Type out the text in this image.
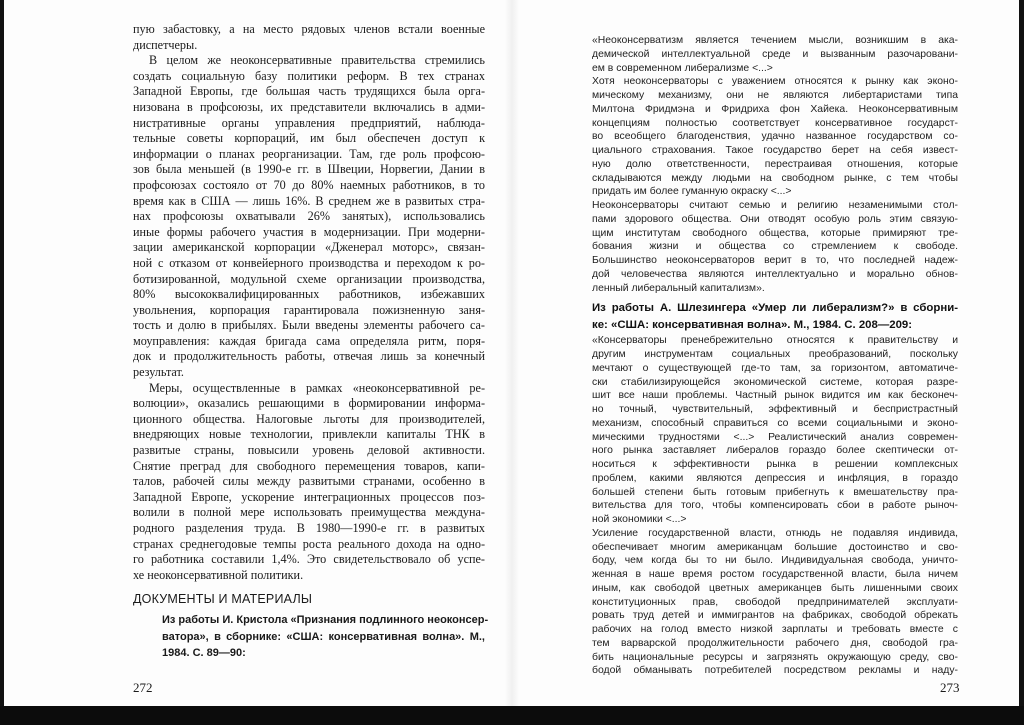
пую забастовку, а на место рядовых членов встали военные
диспетчеры.
В целом же неоконсервативные правительства стремились
создать социальную базу политики реформ. В тех странах
Западной Европы, где большая часть трудящихся была орга-
низована в профсоюзы, их представители включались в адми-
нистративные органы управления предприятий, наблюда-
тельные советы корпораций, им был обеспечен доступ к
информации о планах реорганизации. Там, где роль профсою-
зов была меньшей (в 1990-е гг. в Швеции, Норвегии, Дании в
профсоюзах состояло от 70 до 80% наемных работников, в то
время как в США — лишь 16%. В среднем же в развитых стра-
нах профсоюзы охватывали 26% занятых), использовались
иные формы рабочего участия в модернизации. При модерни-
зации американской корпорации «Дженерал моторс», связан-
ной с отказом от конвейерного производства и переходом к ро-
ботизированной, модульной схеме организации производства,
80% высококвалифицированных работников, избежавших
увольнения, корпорация гарантировала пожизненную заня-
тость и долю в прибылях. Были введены элементы рабочего са-
моуправления: каждая бригада сама определяла ритм, поря-
док и продолжительность работы, отвечая лишь за конечный
результат.
Меры, осуществленные в рамках «неоконсервативной ре-
волюции», оказались решающими в формировании информа-
ционного общества. Налоговые льготы для производителей,
внедряющих новые технологии, привлекли капиталы ТНК в
развитые страны, повысили уровень деловой активности.
Снятие преград для свободного перемещения товаров, капи-
талов, рабочей силы между развитыми странами, особенно в
Западной Европе, ускорение интеграционных процессов поз-
волили в полной мере использовать преимущества междуна-
родного разделения труда. В 1980—1990-е гг. в развитых
странах среднегодовые темпы роста реального дохода на одно-
го работника составили 1,4%. Это свидетельствовало об успе-
хе неоконсервативной политики.
ДОКУМЕНТЫ И МАТЕРИАЛЫ
Из работы И. Кристола «Признания подлинного неоконсер-
ватора», в сборнике: «США: консервативная волна». М.,
1984. С. 89—90:
272
«Неоконсерватизм является течением мысли, возникшим в ака-
демической интеллектуальной среде и вызванным разочаровани-
ем в современном либерализме <...>
Хотя неоконсерваторы с уважением относятся к рынку как эконо-
мическому механизму, они не являются либертаристами типа
Милтона Фридмэна и Фридриха фон Хайека. Неоконсервативным
концепциям полностью соответствует консервативное государст-
во всеобщего благоденствия, удачно названное государством со-
циального страхования. Такое государство берет на себя извест-
ную долю ответственности, перестраивая отношения, которые
складываются между людьми на свободном рынке, с тем чтобы
придать им более гуманную окраску <...>
Неоконсерваторы считают семью и религию незаменимыми стол-
пами здорового общества. Они отводят особую роль этим связую-
щим институтам свободного общества, которые примиряют тре-
бования жизни и общества со стремлением к свободе.
Большинство неоконсерваторов верит в то, что последней надеж-
дой человечества являются интеллектуально и морально обнов-
ленный либеральный капитализм».
Из работы А. Шлезингера «Умер ли либерализм?» в сборни-
ке: «США: консервативная волна». М., 1984. С. 208—209:
«Консерваторы пренебрежительно относятся к правительству и
другим инструментам социальных преобразований, поскольку
мечтают о существующей где-то там, за горизонтом, автоматиче-
ски стабилизирующейся экономической системе, которая разре-
шит все наши проблемы. Частный рынок видится им как бесконеч-
но точный, чувствительный, эффективный и беспристрастный
механизм, способный справиться со всеми социальными и эконо-
мическими трудностями <...> Реалистический анализ современ-
ного рынка заставляет либералов гораздо более скептически от-
носиться к эффективности рынка в решении комплексных
проблем, какими являются депрессия и инфляция, в гораздо
большей степени быть готовым прибегнуть к вмешательству пра-
вительства для того, чтобы компенсировать сбои в работе рыноч-
ной экономики <...>
Усиление государственной власти, отнюдь не подавляя индивида,
обеспечивает многим американцам большие достоинство и сво-
боду, чем когда бы то ни было. Индивидуальная свобода, уничто-
женная в наше время ростом государственной власти, была ничем
иным, как свободой цветных американцев быть лишенными своих
конституционных прав, свободой предпринимателей эксплуати-
ровать труд детей и иммигрантов на фабриках, свободой обрекать
рабочих на голод вместо низкой зарплаты и требовать вместе с
тем варварской продолжительности рабочего дня, свободой гра-
бить национальные ресурсы и загрязнять окружающую среду, сво-
бодой обманывать потребителей посредством рекламы и наду-
273
